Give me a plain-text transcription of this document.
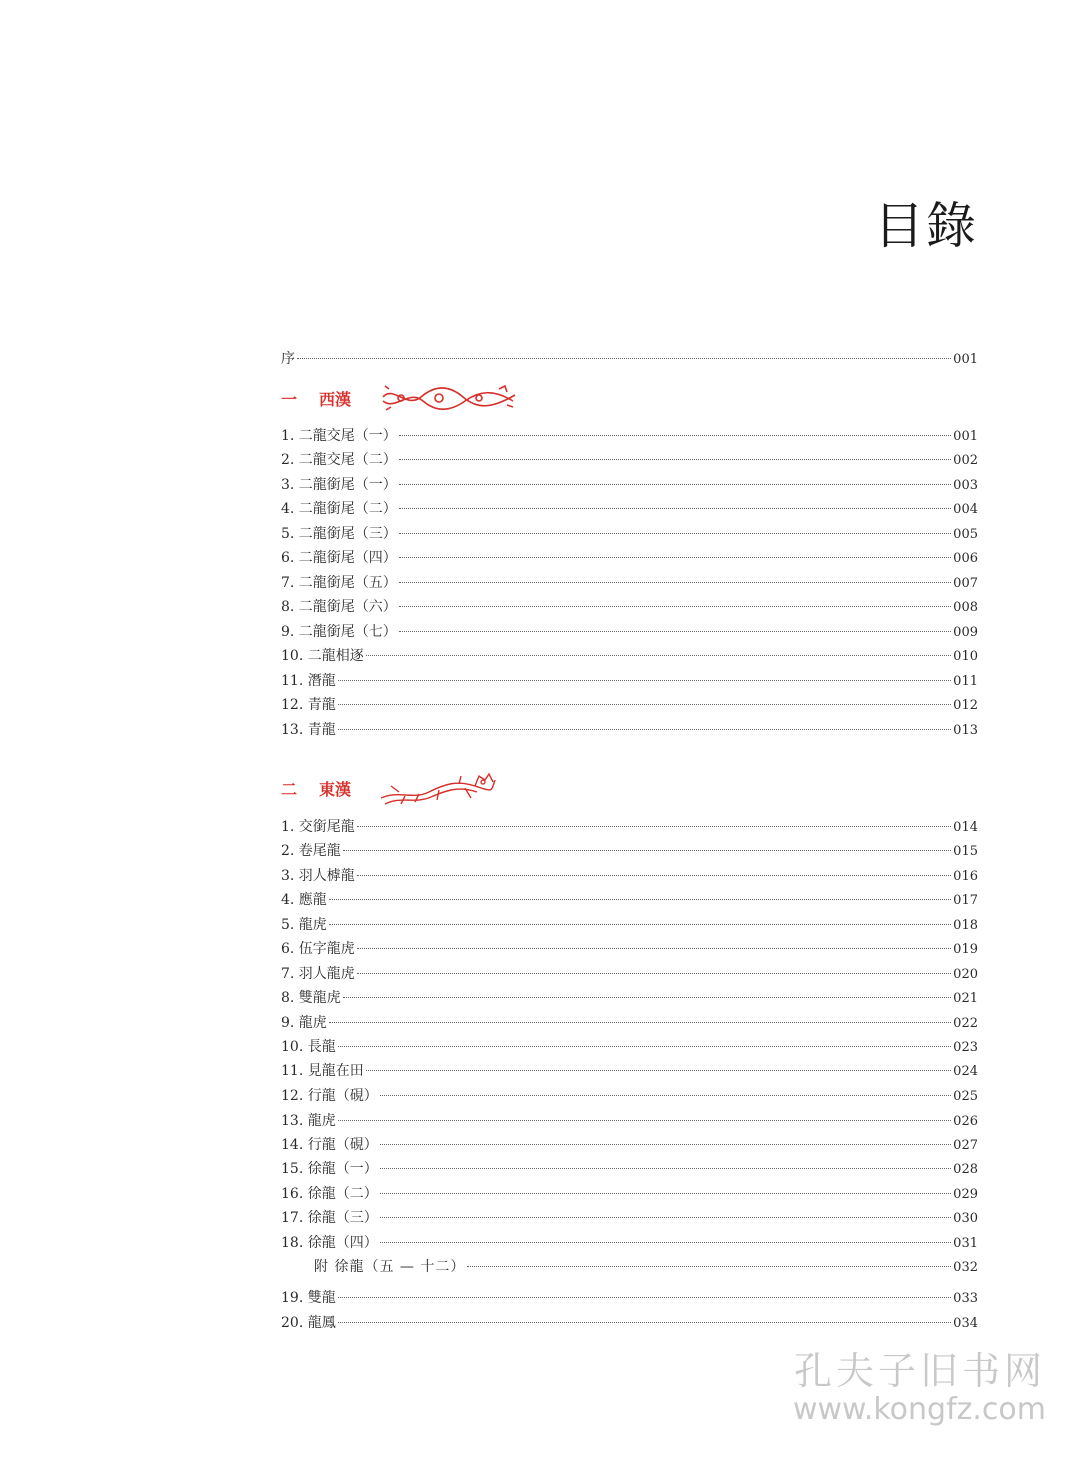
目錄
序	001
一	西漢
1. 二龍交尾（一）	001
2. 二龍交尾（二）	002
3. 二龍銜尾（一）	003
4. 二龍銜尾（二）	004
5. 二龍銜尾（三）	005
6. 二龍銜尾（四）	006
7. 二龍銜尾（五）	007
8. 二龍銜尾（六）	008
9. 二龍銜尾（七）	009
10. 二龍相逐	010
11. 潛龍	011
12. 青龍	012
13. 青龍	013
二	東漢
1. 交銜尾龍	014
2. 卷尾龍	015
3. 羽人㯉龍	016
4. 應龍	017
5. 龍虎	018
6. 伍字龍虎	019
7. 羽人龍虎	020
8. 雙龍虎	021
9. 龍虎	022
10. 長龍	023
11. 見龍在田	024
12. 行龍（硯）	025
13. 龍虎	026
14. 行龍（硯）	027
15. 徐龍（一）	028
16. 徐龍（二）	029
17. 徐龍（三）	030
18. 徐龍（四）	031
附 徐龍（五 — 十二）	032
19. 雙龍	033
20. 龍鳳	034
孔夫子旧书网
www.kongfz.com
